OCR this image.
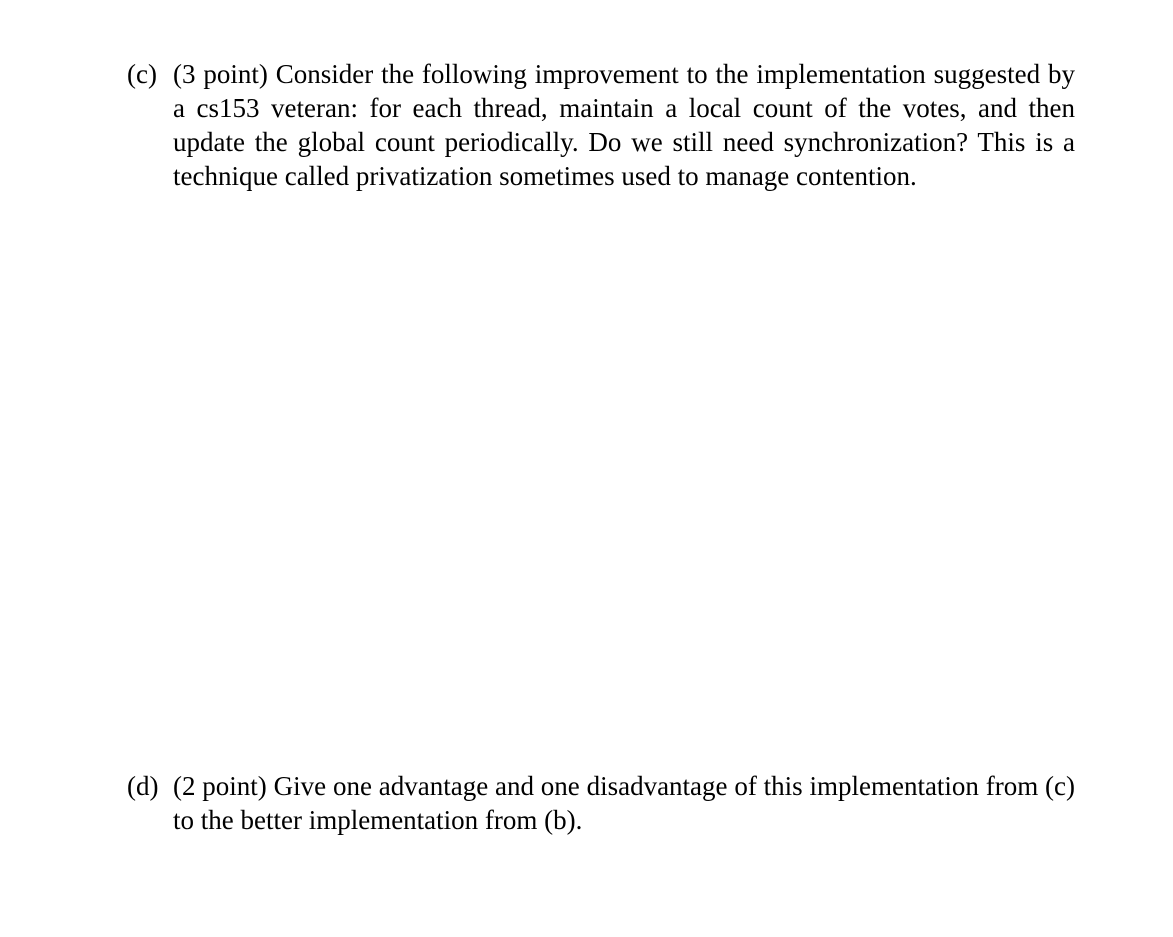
(c) (3 point) Consider the following improvement to the implementation suggested by a cs153 veteran: for each thread, maintain a local count of the votes, and then update the global count periodically. Do we still need synchronization? This is a technique called privatization sometimes used to manage contention.
(d) (2 point) Give one advantage and one disadvantage of this implementation from (c) to the better implementation from (b).
